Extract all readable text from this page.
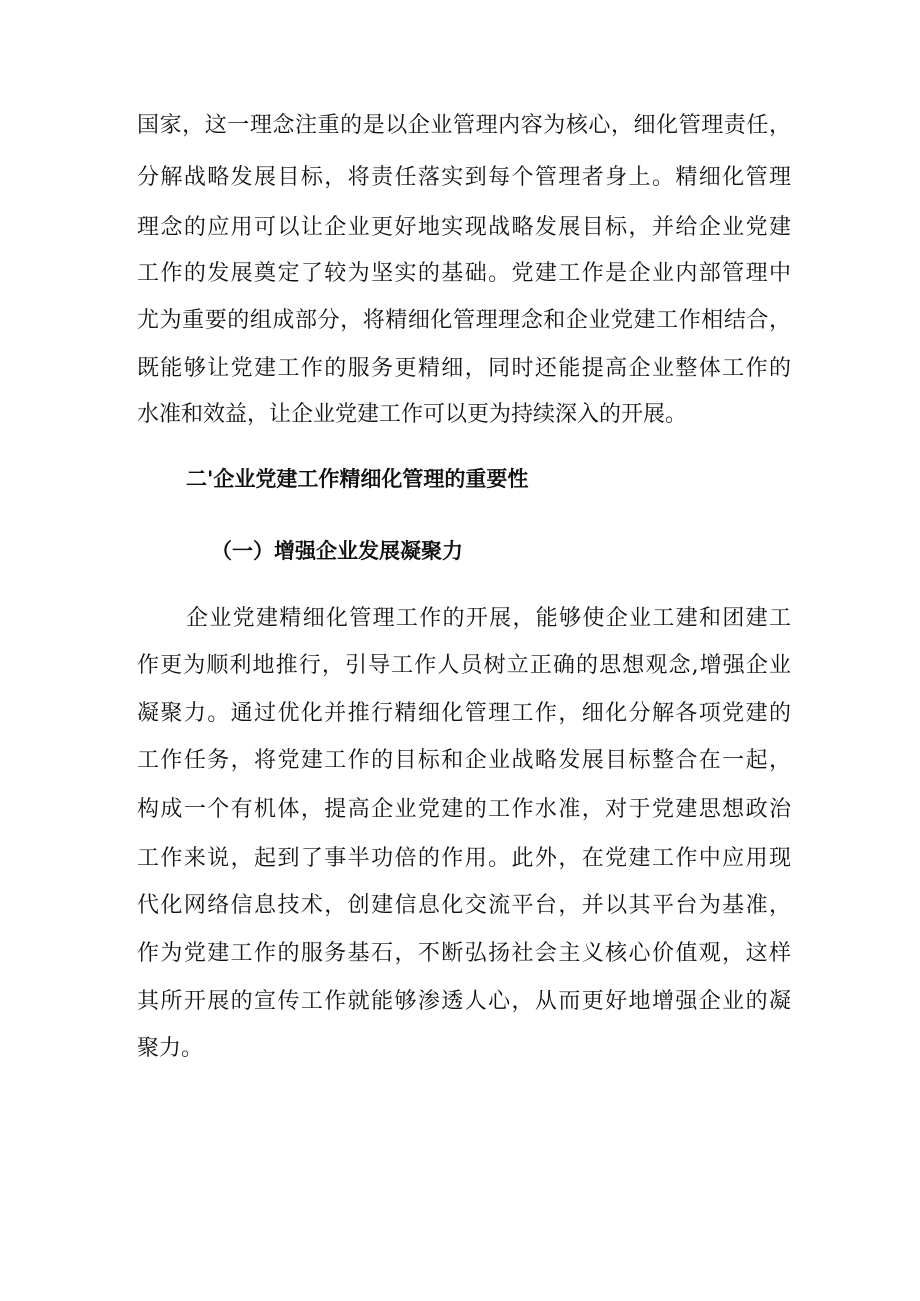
国家，这一理念注重的是以企业管理内容为核心，细化管理责任，
分解战略发展目标，将责任落实到每个管理者身上。精细化管理
理念的应用可以让企业更好地实现战略发展目标，并给企业党建
工作的发展奠定了较为坚实的基础。党建工作是企业内部管理中
尤为重要的组成部分，将精细化管理理念和企业党建工作相结合，
既能够让党建工作的服务更精细，同时还能提高企业整体工作的
水准和效益，让企业党建工作可以更为持续深入的开展。
二'企业党建工作精细化管理的重要性
（一）增强企业发展凝聚力
企业党建精细化管理工作的开展，能够使企业工建和团建工
作更为顺利地推行，引导工作人员树立正确的思想观念,增强企业
凝聚力。通过优化并推行精细化管理工作，细化分解各项党建的
工作任务，将党建工作的目标和企业战略发展目标整合在一起，
构成一个有机体，提高企业党建的工作水准，对于党建思想政治
工作来说，起到了事半功倍的作用。此外，在党建工作中应用现
代化网络信息技术，创建信息化交流平台，并以其平台为基准，
作为党建工作的服务基石，不断弘扬社会主义核心价值观，这样
其所开展的宣传工作就能够渗透人心，从而更好地增强企业的凝
聚力。
